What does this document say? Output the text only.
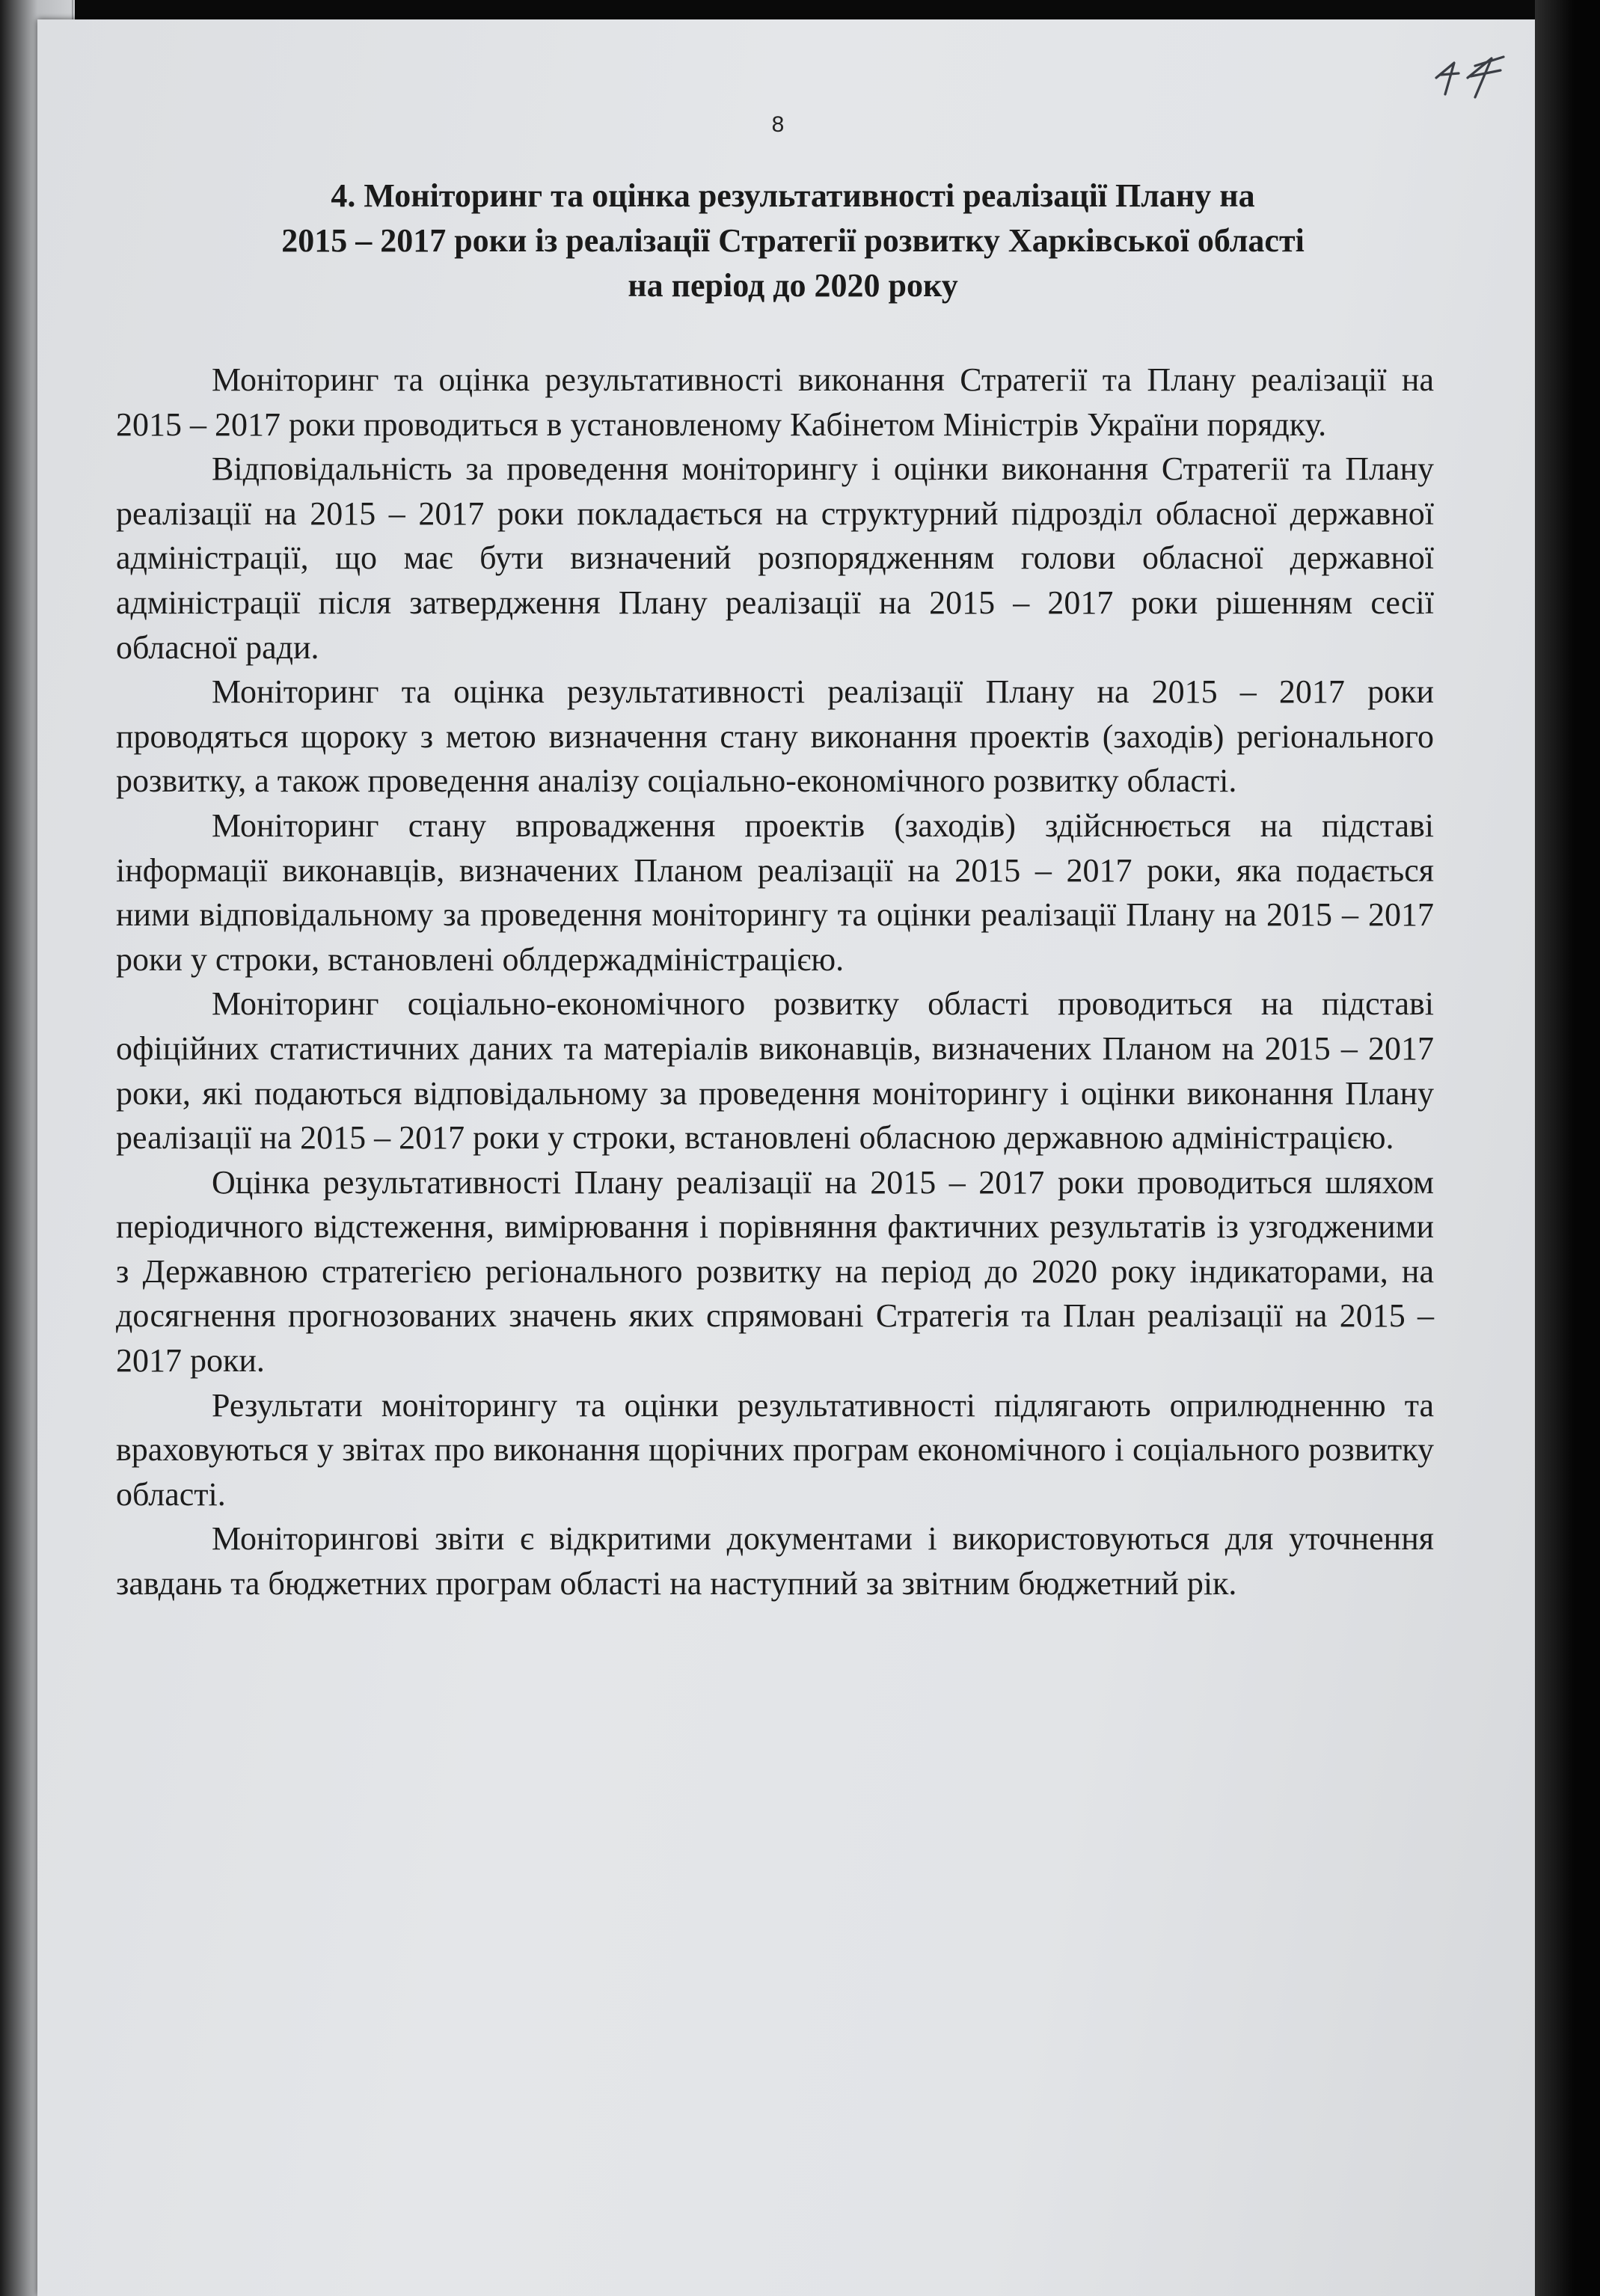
8
4. Моніторинг та оцінка результативності реалізації Плану на
2015 – 2017 роки із реалізації Стратегії розвитку Харківської області
на період до 2020 року

Моніторинг та оцінка результативності виконання Стратегії та Плану реалізації на 2015 – 2017 роки проводиться в установленому Кабінетом Міністрів України порядку.

Відповідальність за проведення моніторингу і оцінки виконання Стратегії та Плану реалізації на 2015 – 2017 роки покладається на структурний підрозділ обласної державної адміністрації, що має бути визначений розпорядженням голови обласної державної адміністрації після затвердження Плану реалізації на 2015 – 2017 роки рішенням сесії обласної ради.

Моніторинг та оцінка результативності реалізації Плану на 2015 – 2017 роки проводяться щороку з метою визначення стану виконання проектів (заходів) регіонального розвитку, а також проведення аналізу соціально-економічного розвитку області.

Моніторинг стану впровадження проектів (заходів) здійснюється на підставі інформації виконавців, визначених Планом реалізації на 2015 – 2017 роки, яка подається ними відповідальному за проведення моніторингу та оцінки реалізації Плану на 2015 – 2017 роки у строки, встановлені облдержадміністрацією.

Моніторинг соціально-економічного розвитку області проводиться на підставі офіційних статистичних даних та матеріалів виконавців, визначених Планом на 2015 – 2017 роки, які подаються відповідальному за проведення моніторингу і оцінки виконання Плану реалізації на 2015 – 2017 роки у строки, встановлені обласною державною адміністрацією.

Оцінка результативності Плану реалізації на 2015 – 2017 роки проводиться шляхом періодичного відстеження, вимірювання і порівняння фактичних результатів із узгодженими з Державною стратегією регіонального розвитку на період до 2020 року індикаторами, на досягнення прогнозованих значень яких спрямовані Стратегія та План реалізації на 2015 – 2017 роки.

Результати моніторингу та оцінки результативності підлягають оприлюдненню та враховуються у звітах про виконання щорічних програм економічного і соціального розвитку області.

Моніторингові звіти є відкритими документами і використовуються для уточнення завдань та бюджетних програм області на наступний за звітним бюджетний рік.
